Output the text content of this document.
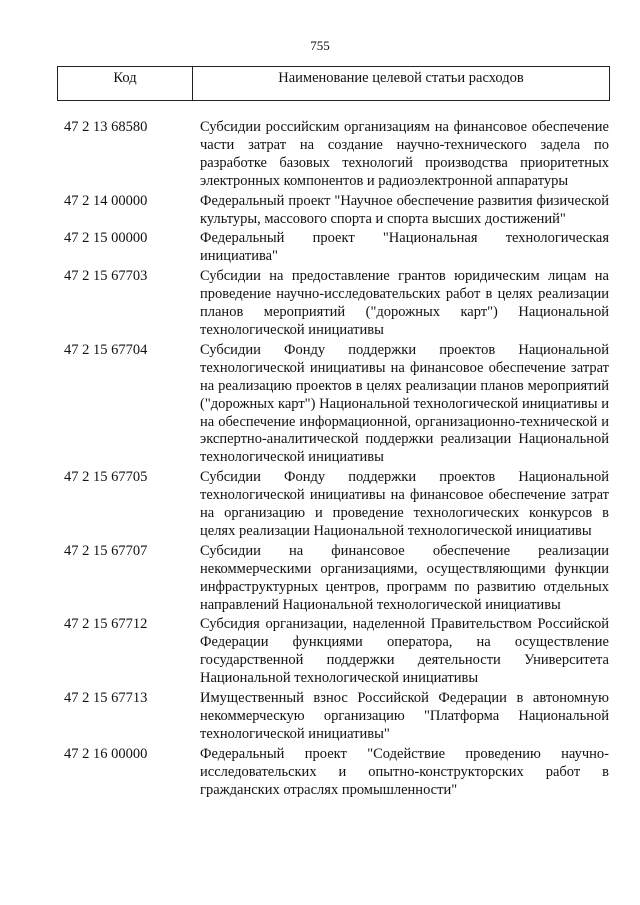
755
Код	Наименование целевой статьи расходов
47 2 13 68580	Субсидии российским организациям на финансовое обеспечение части затрат на создание научно-технического задела по разработке базовых технологий производства приоритетных электронных компонентов и радиоэлектронной аппаратуры
47 2 14 00000	Федеральный проект "Научное обеспечение развития физической культуры, массового спорта и спорта высших достижений"
47 2 15 00000	Федеральный проект "Национальная технологическая инициатива"
47 2 15 67703	Субсидии на предоставление грантов юридическим лицам на проведение научно-исследовательских работ в целях реализации планов мероприятий ("дорожных карт") Национальной технологической инициативы
47 2 15 67704	Субсидии Фонду поддержки проектов Национальной технологической инициативы на финансовое обеспечение затрат на реализацию проектов в целях реализации планов мероприятий ("дорожных карт") Национальной технологической инициативы и на обеспечение информационной, организационно-технической и экспертно-аналитической поддержки реализации Национальной технологической инициативы
47 2 15 67705	Субсидии Фонду поддержки проектов Национальной технологической инициативы на финансовое обеспечение затрат на организацию и проведение технологических конкурсов в целях реализации Национальной технологической инициативы
47 2 15 67707	Субсидии на финансовое обеспечение реализации некоммерческими организациями, осуществляющими функции инфраструктурных центров, программ по развитию отдельных направлений Национальной технологической инициативы
47 2 15 67712	Субсидия организации, наделенной Правительством Российской Федерации функциями оператора, на осуществление государственной поддержки деятельности Университета Национальной технологической инициативы
47 2 15 67713	Имущественный взнос Российской Федерации в автономную некоммерческую организацию "Платформа Национальной технологической инициативы"
47 2 16 00000	Федеральный проект "Содействие проведению научно-исследовательских и опытно-конструкторских работ в гражданских отраслях промышленности"
